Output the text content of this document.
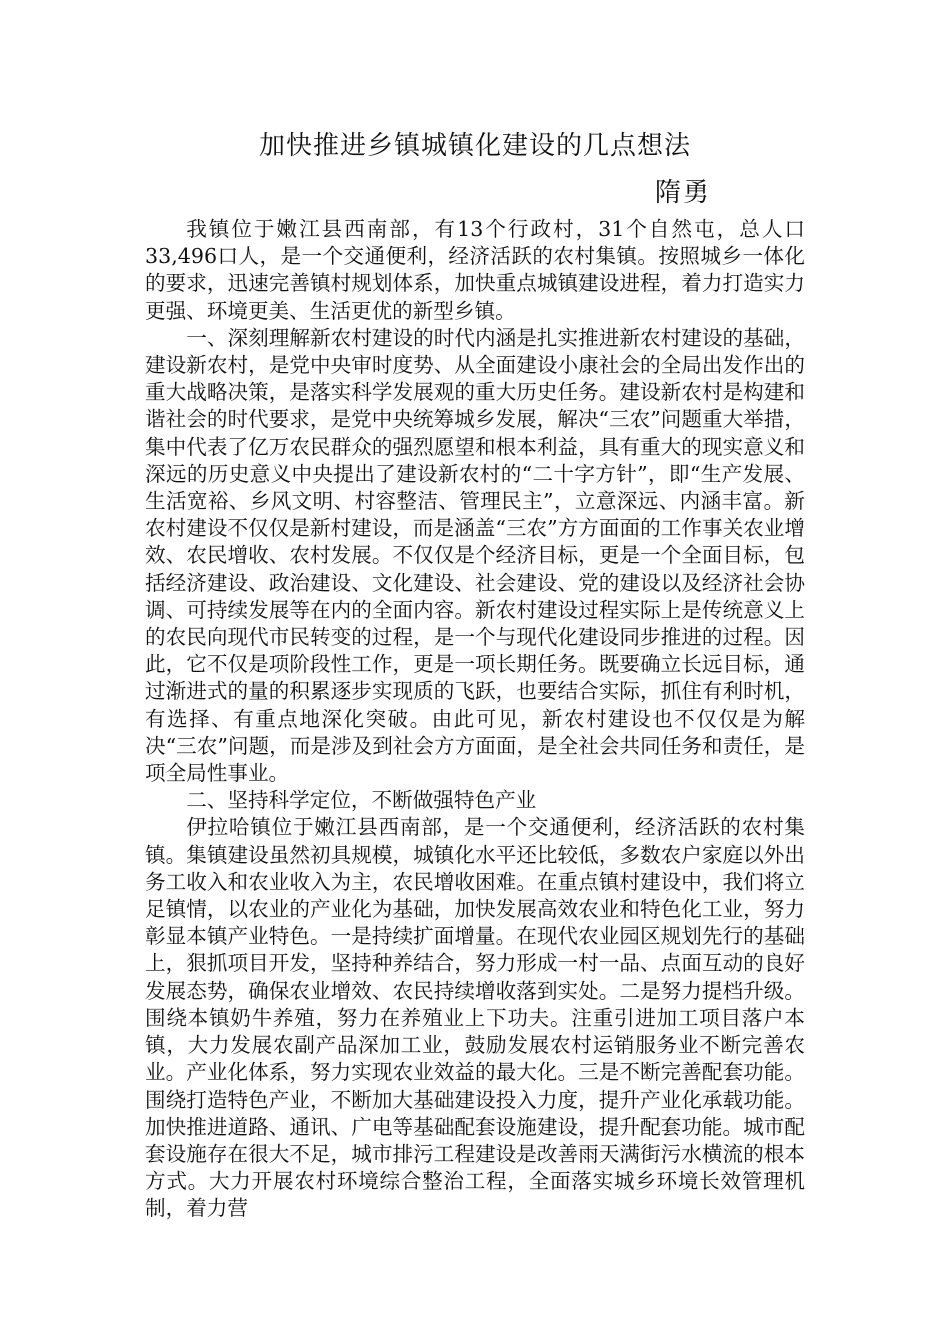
加快推进乡镇城镇化建设的几点想法
隋勇

我镇位于嫩江县西南部，有13个行政村，31个自然屯，总人口33,496口人，是一个交通便利，经济活跃的农村集镇。按照城乡一体化的要求，迅速完善镇村规划体系，加快重点城镇建设进程，着力打造实力更强、环境更美、生活更优的新型乡镇。

一、深刻理解新农村建设的时代内涵是扎实推进新农村建设的基础，建设新农村，是党中央审时度势、从全面建设小康社会的全局出发作出的重大战略决策，是落实科学发展观的重大历史任务。建设新农村是构建和谐社会的时代要求，是党中央统筹城乡发展，解决“三农”问题重大举措，集中代表了亿万农民群众的强烈愿望和根本利益，具有重大的现实意义和深远的历史意义中央提出了建设新农村的“二十字方针”，即“生产发展、生活宽裕、乡风文明、村容整洁、管理民主”，立意深远、内涵丰富。新农村建设不仅仅是新村建设，而是涵盖“三农”方方面面的工作事关农业增效、农民增收、农村发展。不仅仅是个经济目标，更是一个全面目标，包括经济建设、政治建设、文化建设、社会建设、党的建设以及经济社会协调、可持续发展等在内的全面内容。新农村建设过程实际上是传统意义上的农民向现代市民转变的过程，是一个与现代化建设同步推进的过程。因此，它不仅是项阶段性工作，更是一项长期任务。既要确立长远目标，通过渐进式的量的积累逐步实现质的飞跃，也要结合实际，抓住有利时机，有选择、有重点地深化突破。由此可见，新农村建设也不仅仅是为解决“三农”问题，而是涉及到社会方方面面，是全社会共同任务和责任，是项全局性事业。

二、坚持科学定位，不断做强特色产业

伊拉哈镇位于嫩江县西南部，是一个交通便利，经济活跃的农村集镇。集镇建设虽然初具规模，城镇化水平还比较低，多数农户家庭以外出务工收入和农业收入为主，农民增收困难。在重点镇村建设中，我们将立足镇情，以农业的产业化为基础，加快发展高效农业和特色化工业，努力彰显本镇产业特色。一是持续扩面增量。在现代农业园区规划先行的基础上，狠抓项目开发，坚持种养结合，努力形成一村一品、点面互动的良好发展态势，确保农业增效、农民持续增收落到实处。二是努力提档升级。围绕本镇奶牛养殖，努力在养殖业上下功夫。注重引进加工项目落户本镇，大力发展农副产品深加工业，鼓励发展农村运销服务业不断完善农业。产业化体系，努力实现农业效益的最大化。三是不断完善配套功能。围绕打造特色产业，不断加大基础建设投入力度，提升产业化承载功能。加快推进道路、通讯、广电等基础配套设施建设，提升配套功能。城市配套设施存在很大不足，城市排污工程建设是改善雨天满街污水横流的根本方式。大力开展农村环境综合整治工程，全面落实城乡环境长效管理机制，着力营
